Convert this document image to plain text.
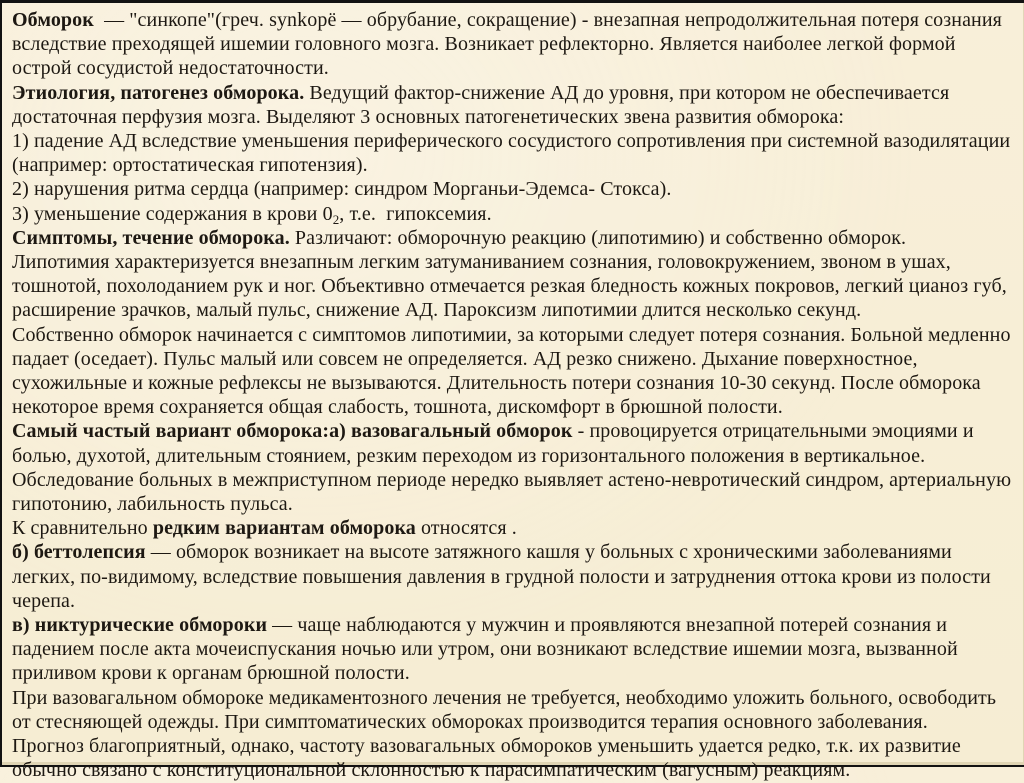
Обморок  — "синкопе"(греч. synkopё — обрубание, сокращение) - внезапная непродолжительная потеря сознания вследствие преходящей ишемии головного мозга. Возникает рефлекторно. Является наиболее легкой формой острой сосудистой недостаточности.

Этиология, патогенез обморока. Ведущий фактор-снижение АД до уровня, при котором не обеспечивается достаточная перфузия мозга. Выделяют 3 основных патогенетических звена развития обморока:

1) падение АД вследствие уменьшения периферического сосудистого сопротивления при системной вазодилятации (например: ортостатическая гипотензия).

2) нарушения ритма сердца (например: синдром Морганьи-Эдемса- Стокса).

3) уменьшение содержания в крови $0_2$, т.е.  гипоксемия.

Симптомы, течение обморока. Различают: обморочную реакцию (липотимию) и собственно обморок.

Липотимия характеризуется внезапным легким затуманиванием сознания, головокружением, звоном в ушах, тошнотой, похолоданием рук и ног. Объективно отмечается резкая бледность кожных покровов, легкий цианоз губ, расширение зрачков, малый пульс, снижение АД. Пароксизм липотимии длится несколько секунд.

Собственно обморок начинается с симптомов липотимии, за которыми следует потеря сознания. Больной медленно падает (оседает). Пульс малый или совсем не определяется. АД резко снижено. Дыхание поверхностное, сухожильные и кожные рефлексы не вызываются. Длительность потери сознания 10-30 секунд. После обморока некоторое время сохраняется общая слабость, тошнота, дискомфорт в брюшной полости.

Самый частый вариант обморока:а) вазовагальный обморок - провоцируется отрицательными эмоциями и болью, духотой, длительным стоянием, резким переходом из горизонтального положения в вертикальное.

Обследование больных в межприступном периоде нередко выявляет астено-невротический синдром, артериальную гипотонию, лабильность пульса.

К сравнительно редким вариантам обморока относятся .

б) беттолепсия — обморок возникает на высоте затяжного кашля у больных с хроническими заболеваниями легких, по-видимому, вследствие повышения давления в грудной полости и затруднения оттока крови из полости черепа.

в) никтурические обмороки — чаще наблюдаются у мужчин и проявляются внезапной потерей сознания и падением после акта мочеиспускания ночью или утром, они возникают вследствие ишемии мозга, вызванной приливом крови к органам брюшной полости.

При вазовагальном обмороке медикаментозного лечения не требуется, необходимо уложить больного, освободить от стесняющей одежды. При симптоматических обмороках производится терапия основного заболевания.

Прогноз благоприятный, однако, частоту вазовагальных обмороков уменьшить удается редко, т.к. их развитие обычно связано с конституциональной склонностью к парасимпатическим (вагусным) реакциям.
